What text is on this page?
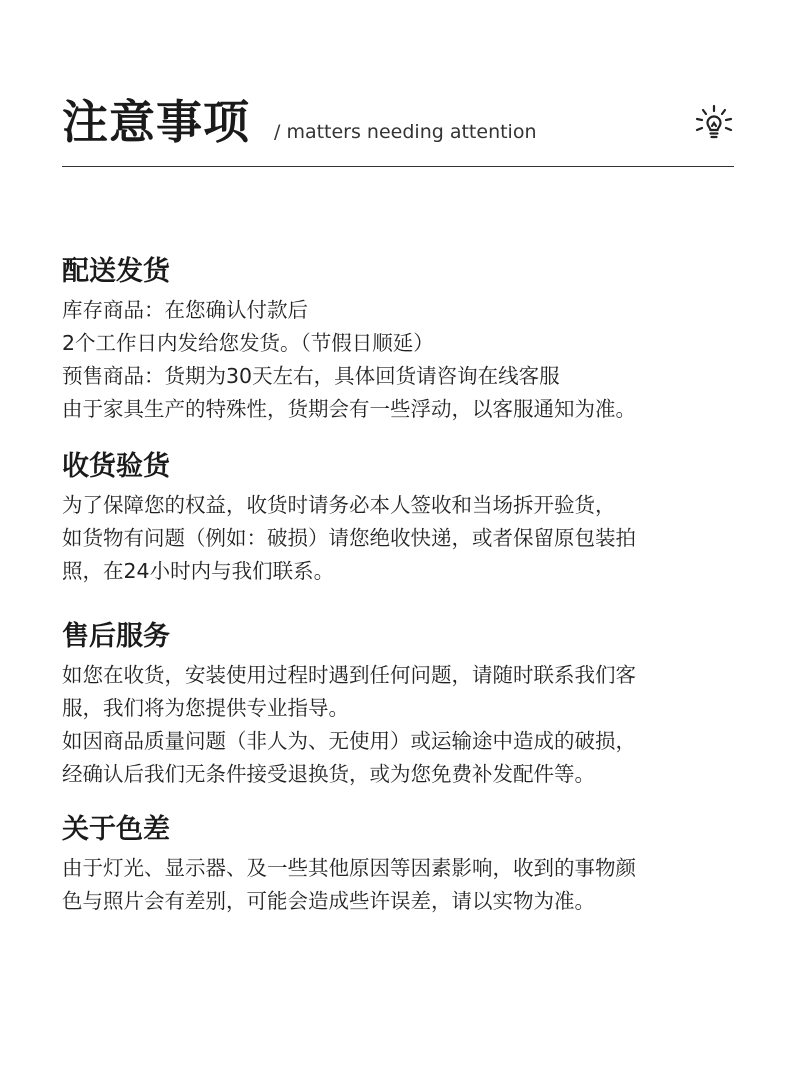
注意事项 / matters needing attention
配送发货
库存商品：在您确认付款后
2个工作日内发给您发货。（节假日顺延）
预售商品：货期为30天左右，具体回货请咨询在线客服
由于家具生产的特殊性，货期会有一些浮动，以客服通知为准。
收货验货
为了保障您的权益，收货时请务必本人签收和当场拆开验货，
如货物有问题（例如：破损）请您绝收快递，或者保留原包装拍
照，在24小时内与我们联系。
售后服务
如您在收货，安装使用过程时遇到任何问题，请随时联系我们客
服，我们将为您提供专业指导。
如因商品质量问题（非人为、无使用）或运输途中造成的破损，
经确认后我们无条件接受退换货，或为您免费补发配件等。
关于色差
由于灯光、显示器、及一些其他原因等因素影响，收到的事物颜
色与照片会有差别，可能会造成些许误差，请以实物为准。
